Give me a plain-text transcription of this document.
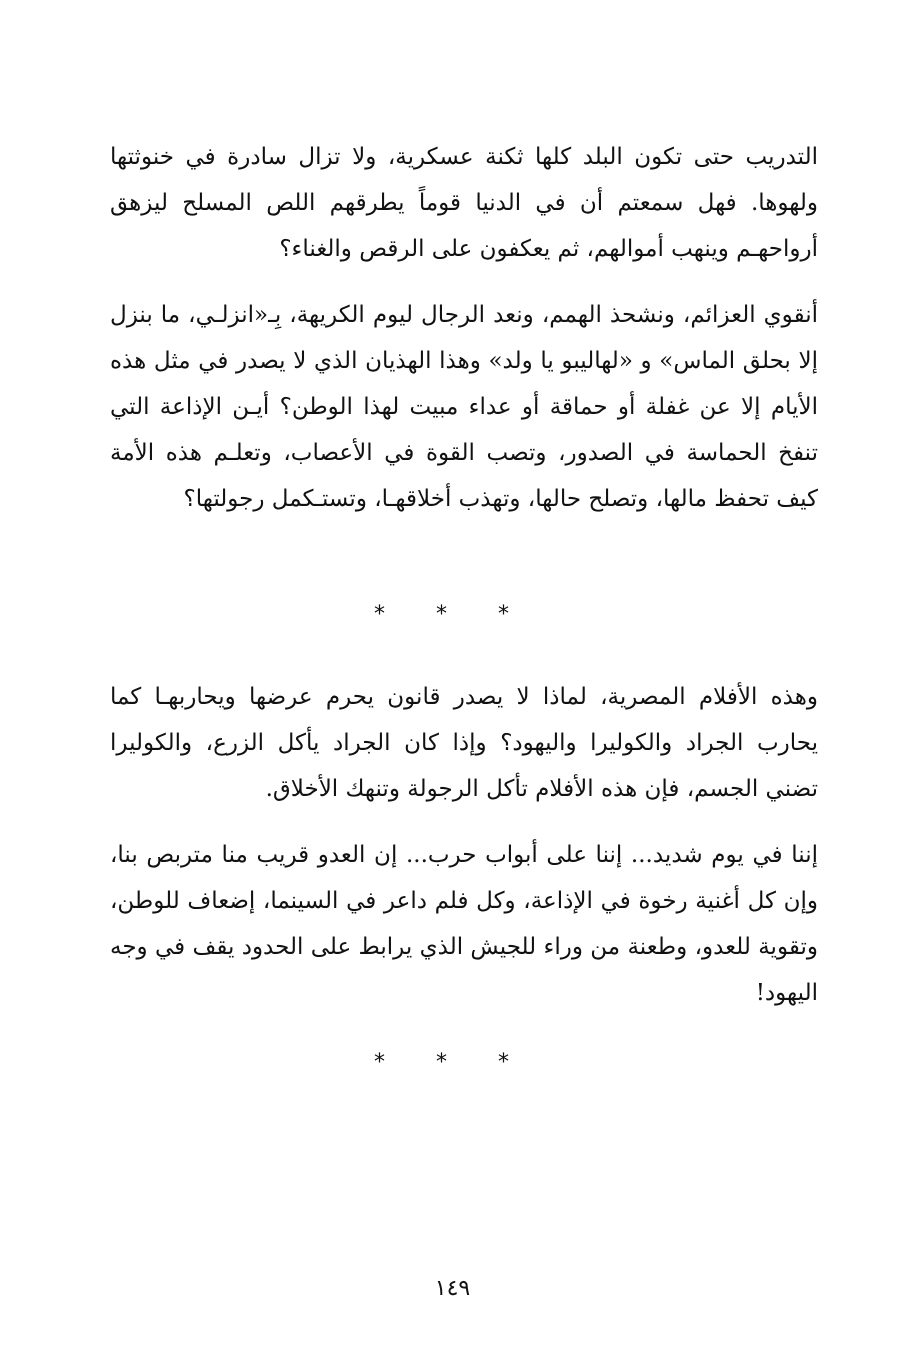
التدريب حتى تكون البلد كلها ثكنة عسكرية، ولا تزال سادرة في خنوثتها ولهوها. فهل سمعتم أن في الدنيا قوماً يطرقهم اللص المسلح ليزهق أرواحهـم وينهب أموالهم، ثم يعكفون على الرقص والغناء؟

أنقوي العزائم، ونشحذ الهمم، ونعد الرجال ليوم الكريهة، بِـ«انزلـي، ما بنزل إلا بحلق الماس» و «لهاليبو يا ولد» وهذا الهذيان الذي لا يصدر في مثل هذه الأيام إلا عن غفلة أو حماقة أو عداء مبيت لهذا الوطن؟ أيـن الإذاعة التي تنفخ الحماسة في الصدور، وتصب القوة في الأعصاب، وتعلـم هذه الأمة كيف تحفظ مالها، وتصلح حالها، وتهذب أخلاقهـا، وتستـكمل رجولتها؟

* * *

وهذه الأفلام المصرية، لماذا لا يصدر قانون يحرم عرضها ويحاربهـا كما يحارب الجراد والكوليرا واليهود؟ وإذا كان الجراد يأكل الزرع، والكوليرا تضني الجسم، فإن هذه الأفلام تأكل الرجولة وتنهك الأخلاق.

إننا في يوم شديد... إننا على أبواب حرب... إن العدو قريب منا متربص بنا، وإن كل أغنية رخوة في الإذاعة، وكل فلم داعر في السينما، إضعاف للوطن، وتقوية للعدو، وطعنة من وراء للجيش الذي يرابط على الحدود يقف في وجه اليهود!

* * *
١٤٩
